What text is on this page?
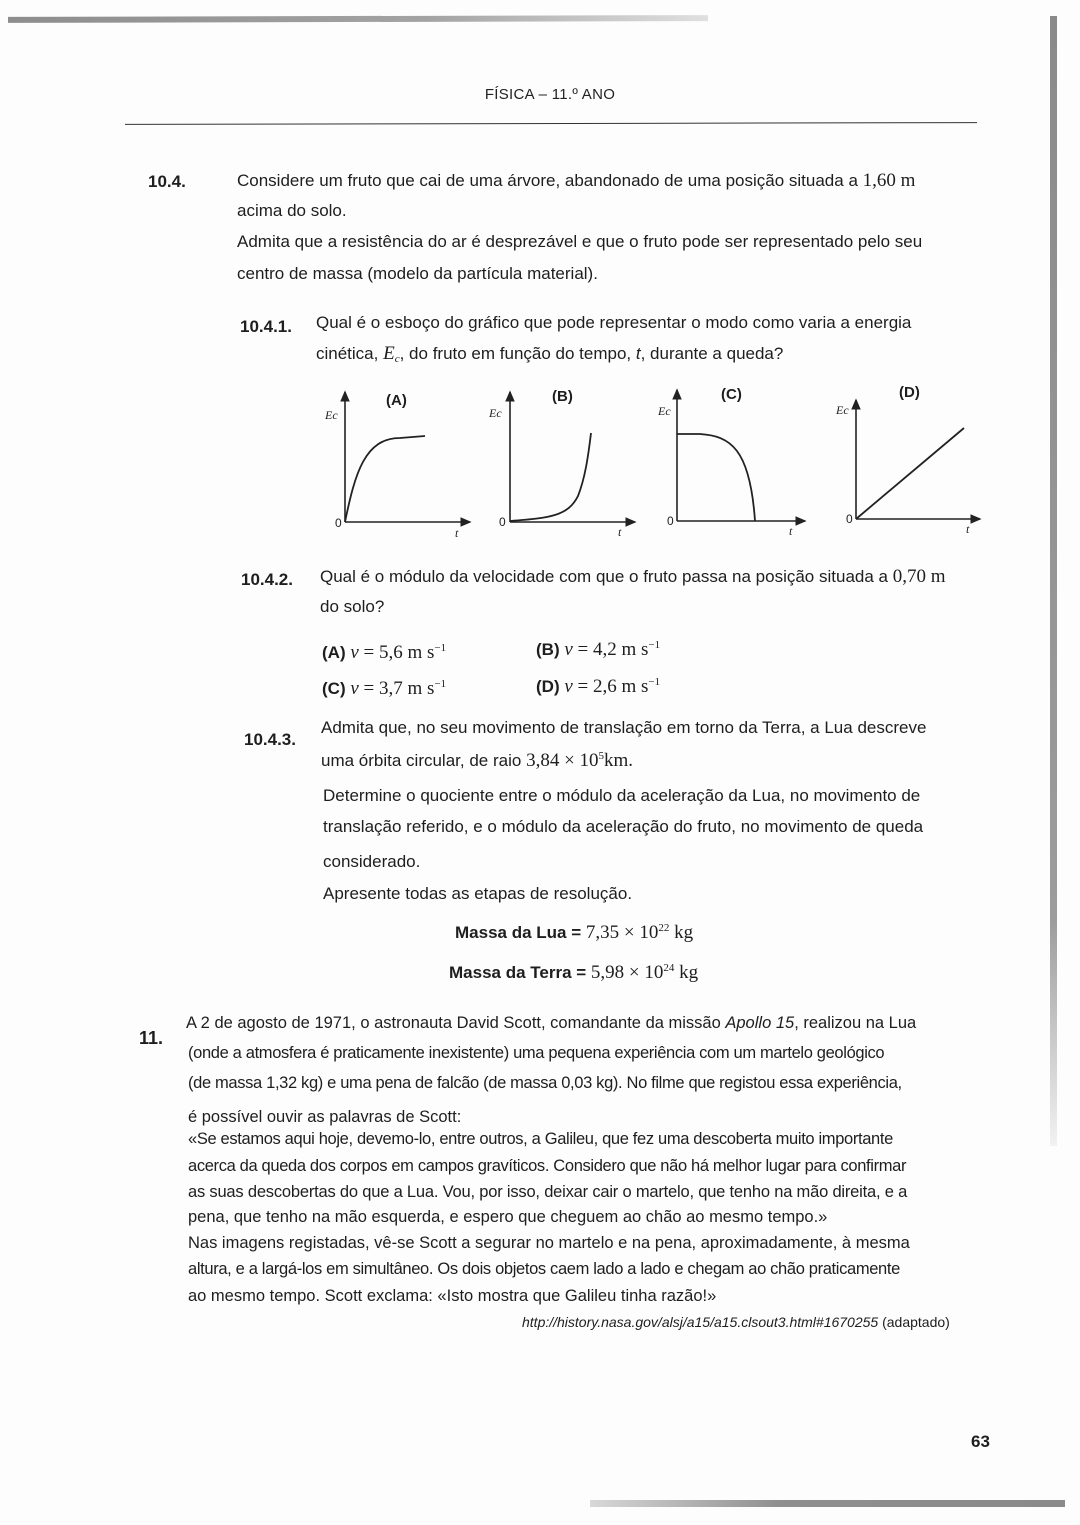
FÍSICA – 11.º ANO
10.4.	Considere um fruto que cai de uma árvore, abandonado de uma posição situada a 1,60 m
acima do solo.
Admita que a resistência do ar é desprezável e que o fruto pode ser representado pelo seu
centro de massa (modelo da partícula material).
10.4.1. Qual é o esboço do gráfico que pode representar o modo como varia a energia
cinética, $E_c$, do fruto em função do tempo, t, durante a queda?
(A)	(B)	(C)	(D)
Ec	Ec	Ec	Ec
0	0	0	0
t	t	t	t
10.4.2. Qual é o módulo da velocidade com que o fruto passa na posição situada a 0,70 m
do solo?
(A) v = 5,6 m $s^{-1}$	(B) v = 4,2 m $s^{-1}$
(C) v = 3,7 m $s^{-1}$	(D) v = 2,6 m $s^{-1}$
10.4.3.
Admita que, no seu movimento de translação em torno da Terra, a Lua descreve
uma órbita circular, de raio $3,84 \times 10^5km$.
Determine o quociente entre o módulo da aceleração da Lua, no movimento de
translação referido, e o módulo da aceleração do fruto, no movimento de queda
considerado.
Apresente todas as etapas de resolução.
Massa da Lua = $7,35 \times 10^{22}$ kg
Massa da Terra = $5,98 \times 10^{24}$ kg
11.
A 2 de agosto de 1971, o astronauta David Scott, comandante da missão Apollo 15, realizou na Lua
(onde a atmosfera é praticamente inexistente) uma pequena experiência com um martelo geológico
(de massa 1,32 kg) e uma pena de falcão (de massa 0,03 kg). No filme que registou essa experiência,
é possível ouvir as palavras de Scott:
«Se estamos aqui hoje, devemo-lo, entre outros, a Galileu, que fez uma descoberta muito importante
acerca da queda dos corpos em campos gravíticos. Considero que não há melhor lugar para confirmar
as suas descobertas do que a Lua. Vou, por isso, deixar cair o martelo, que tenho na mão direita, e a
pena, que tenho na mão esquerda, e espero que cheguem ao chão ao mesmo tempo.»
Nas imagens registadas, vê-se Scott a segurar no martelo e na pena, aproximadamente, à mesma
altura, e a largá-los em simultâneo. Os dois objetos caem lado a lado e chegam ao chão praticamente
ao mesmo tempo. Scott exclama: «Isto mostra que Galileu tinha razão!»
http://history.nasa.gov/alsj/a15/a15.clsout3.html#1670255 (adaptado)
63
